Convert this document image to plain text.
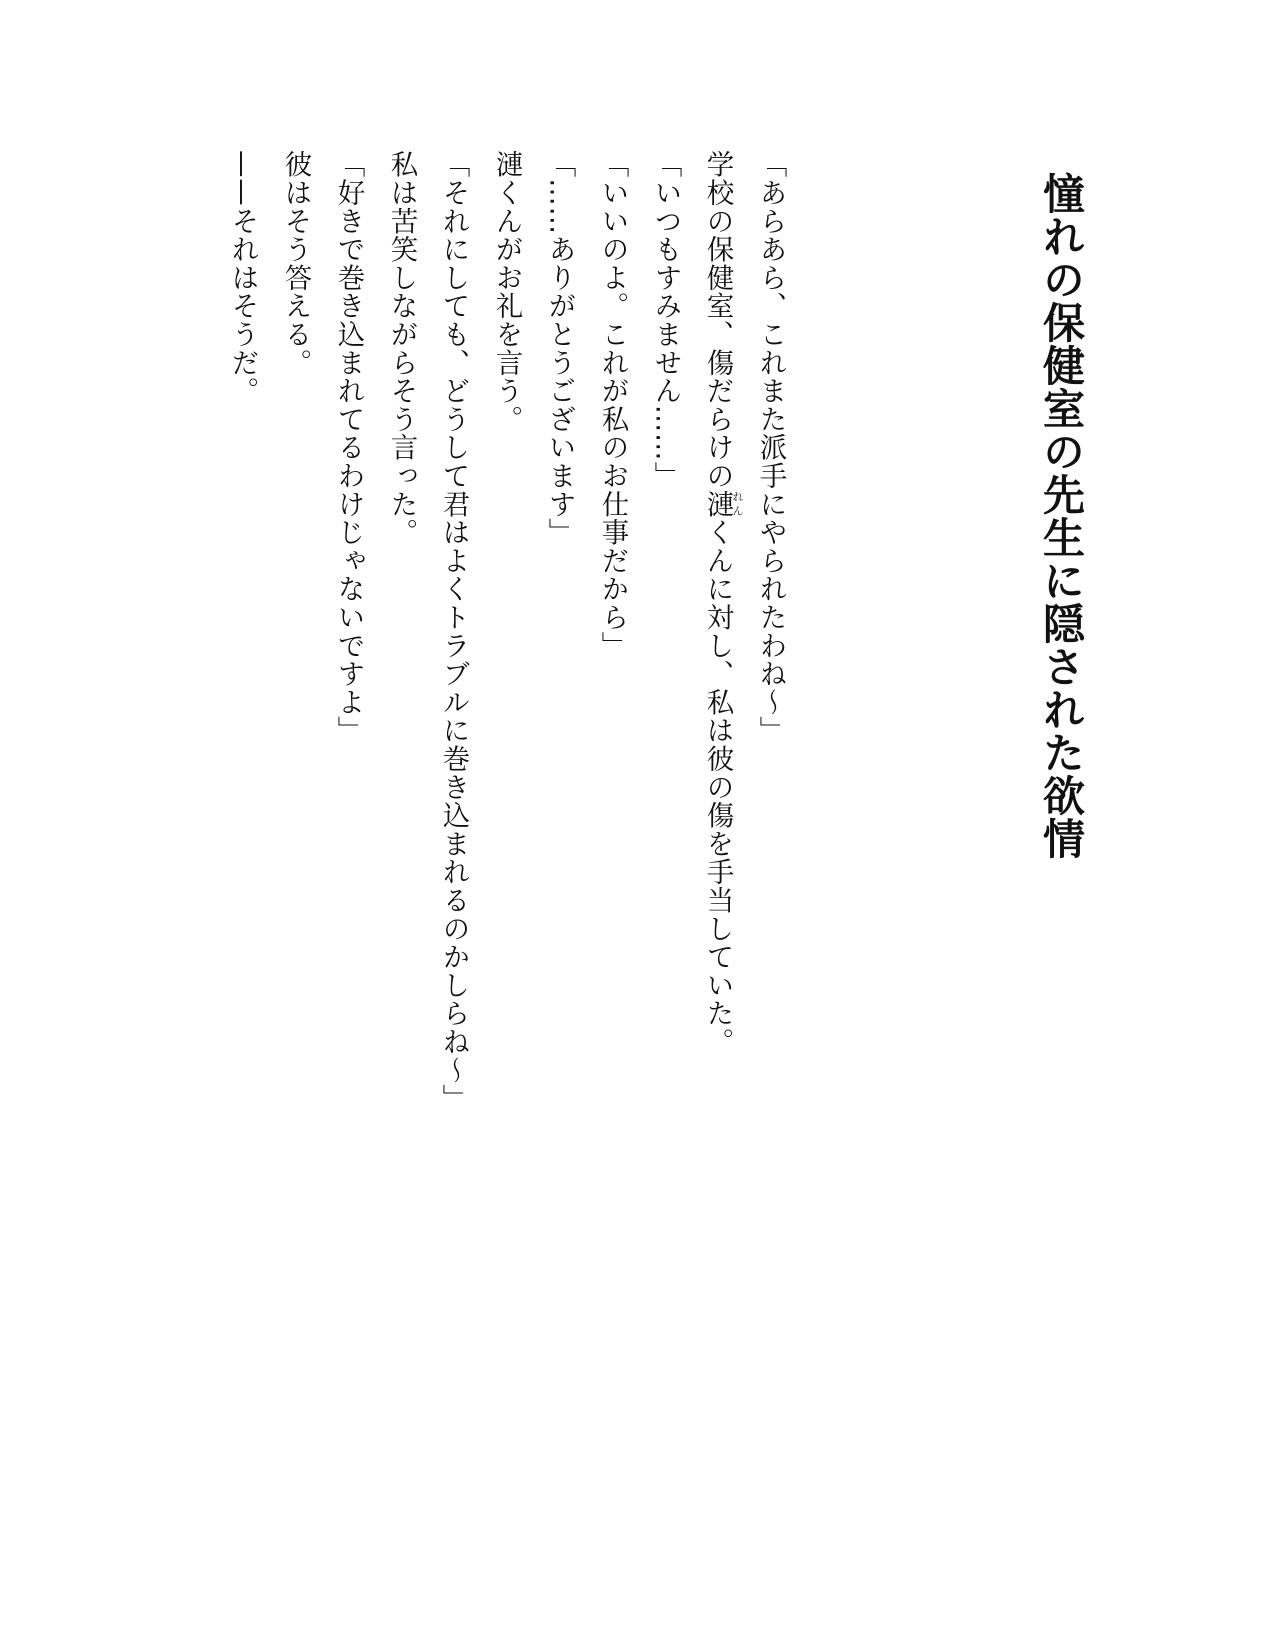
憧れの保健室の先生に隠された欲情

「あらあら、これまた派手にやられたわね〜」

学校の保健室、傷だらけの漣れんくんに対し、私は彼の傷を手当していた。

「いつもすみません……」

「いいのよ。これが私のお仕事だから」

「……ありがとうございます」

漣くんがお礼を言う。

「それにしても、どうして君はよくトラブルに巻き込まれるのかしらね〜」

私は苦笑しながらそう言った。

「好きで巻き込まれてるわけじゃないですよ」

彼はそう答える。

——それはそうだ。
